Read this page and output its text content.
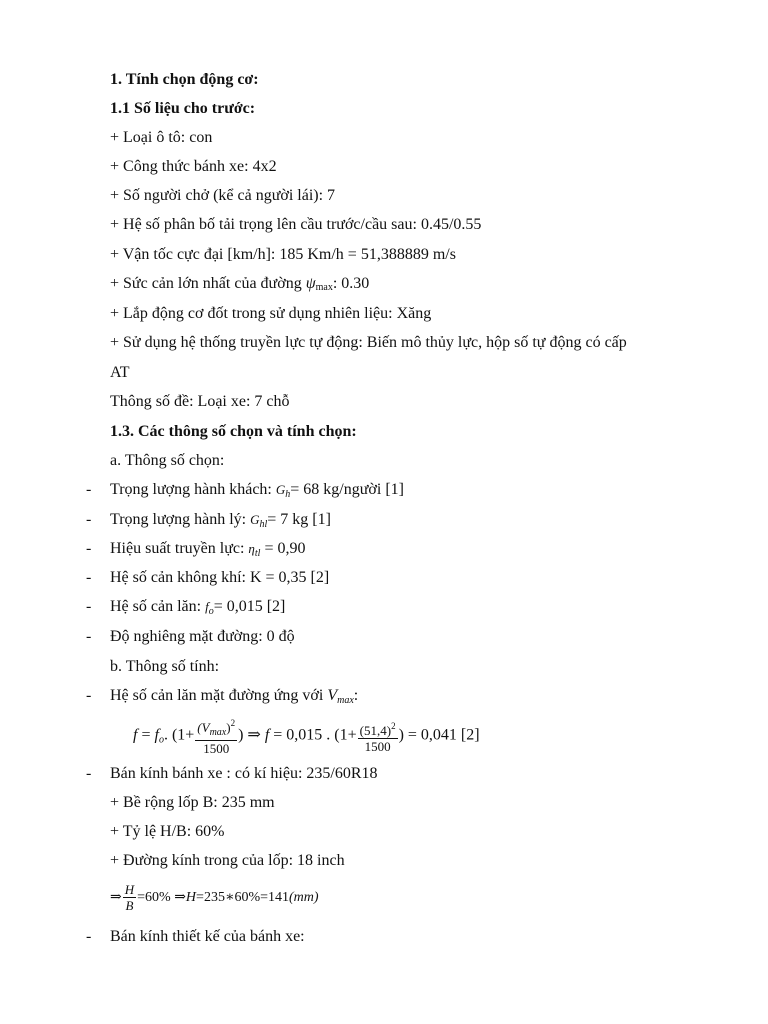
1. Tính chọn động cơ:
1.1 Số liệu cho trước:
+ Loại ô tô: con
+ Công thức bánh xe: 4x2
+ Số người chở (kể cả người lái): 7
+ Hệ số phân bố tải trọng lên cầu trước/cầu sau: 0.45/0.55
+ Vận tốc cực đại [km/h]: 185 Km/h = 51,388889 m/s
+ Sức cản lớn nhất của đường ψmax: 0.30
+ Lắp động cơ đốt trong sử dụng nhiên liệu: Xăng
+ Sử dụng hệ thống truyền lực tự động: Biến mô thủy lực, hộp số tự động có cấp
AT
Thông số đề: Loại xe: 7 chỗ
1.3. Các thông số chọn và tính chọn:
a. Thông số chọn:
- Trọng lượng hành khách: $G_h= 68$ kg/người [1]
- Trọng lượng hành lý: $G_{hl}= 7$ kg [1]
- Hiệu suất truyền lực: $\eta_{tl} = 0,90$
- Hệ số cản không khí: K = 0,35 [2]
- Hệ số cản lăn: $f_o= 0,015$ [2]
- Độ nghiêng mặt đường: 0 độ
b. Thông số tính:
- Hệ số cản lăn mặt đường ứng với $V_{max}$:
$f = f_o$. ($1+ \frac{(V_{max})^2}{1500}$ ) ⇒ f = 0,015 . ($1+ \frac{(51,4)^2}{1500}$ ) = 0,041 [2]
- Bán kính bánh xe : có kí hiệu: 235/60R18
+ Bề rộng lốp B: 235 mm
+ Tỷ lệ H/B: 60%
+ Đường kính trong của lốp: 18 inch
⇒ $\frac{H}{B} =60\%$ ⇒H=235∗60%=141(mm)
- Bán kính thiết kế của bánh xe:
